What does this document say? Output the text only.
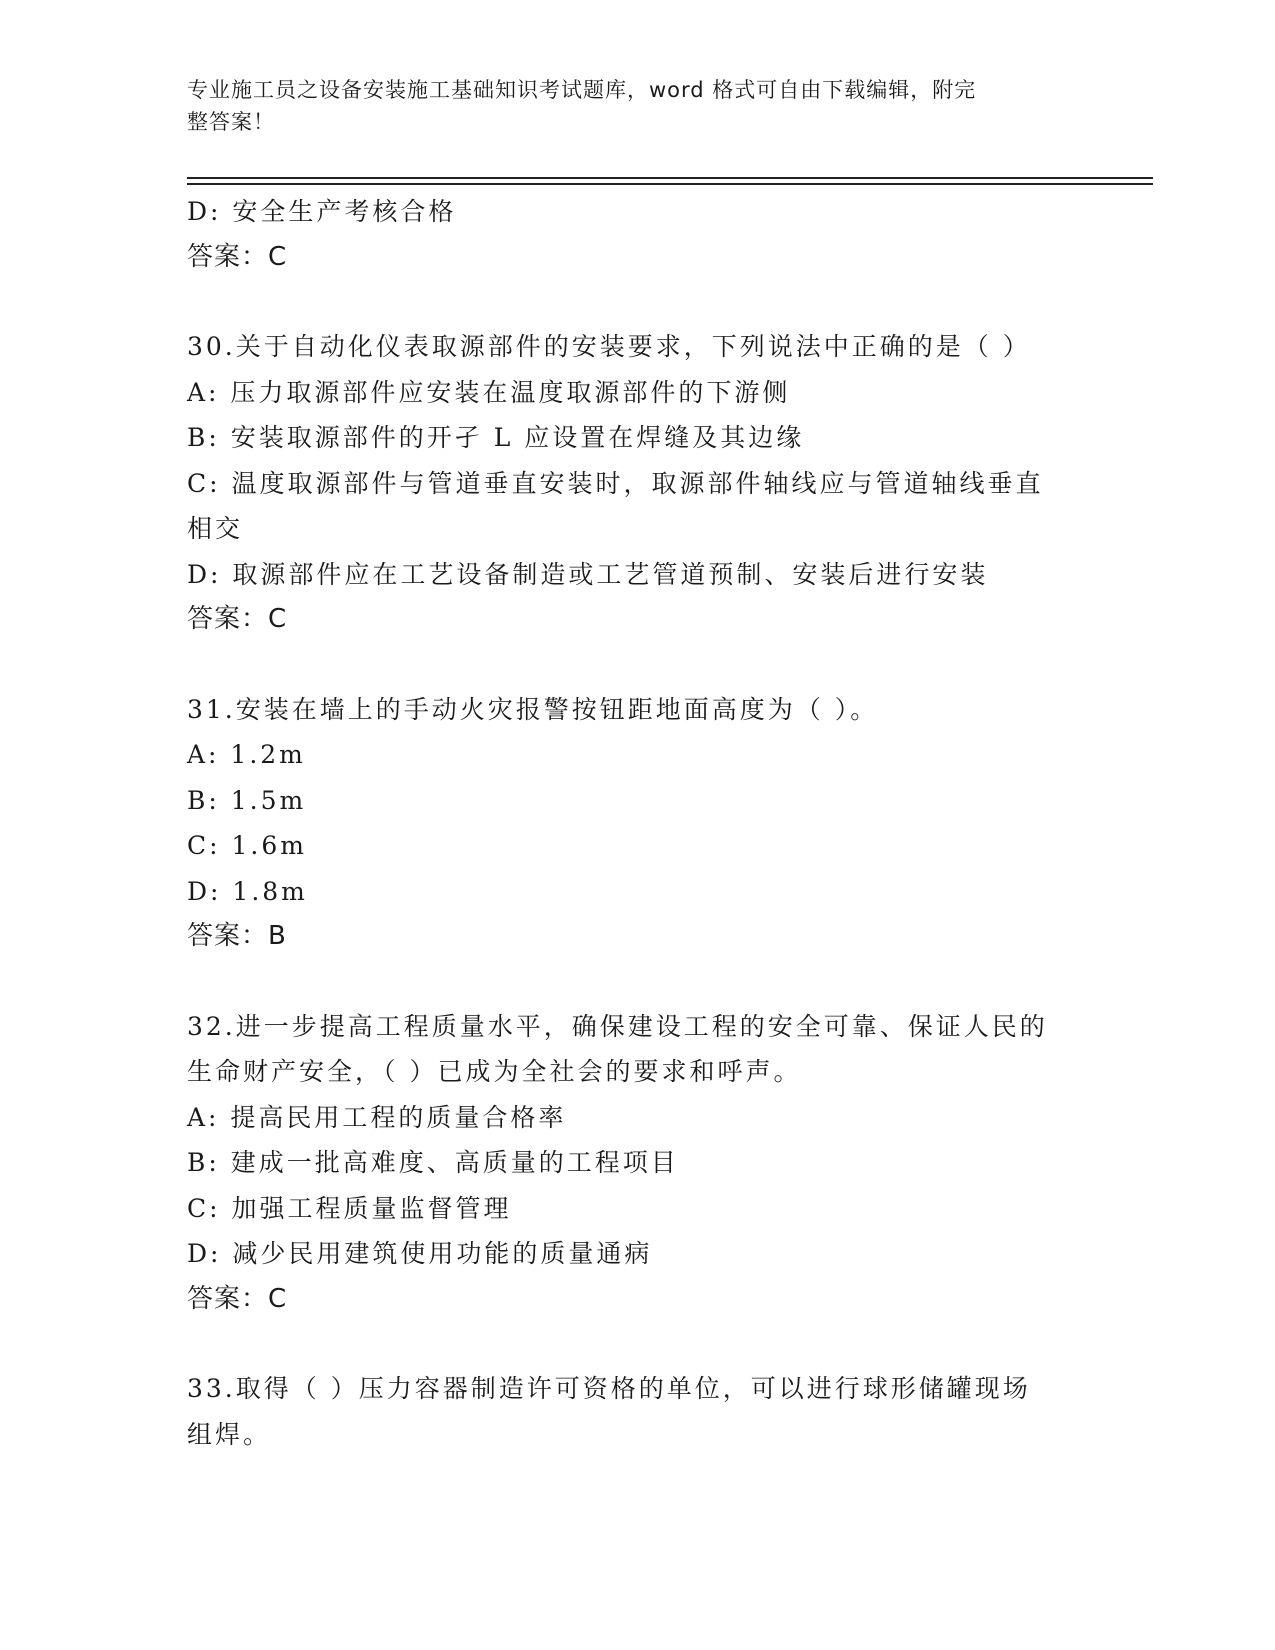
专业施工员之设备安装施工基础知识考试题库，word 格式可自由下载编辑，附完
整答案！
D: 安全生产考核合格
答案：C
30.关于自动化仪表取源部件的安装要求，下列说法中正确的是（ ）
A: 压力取源部件应安装在温度取源部件的下游侧
B: 安装取源部件的开孑 L 应设置在焊缝及其边缘
C: 温度取源部件与管道垂直安装时，取源部件轴线应与管道轴线垂直
相交
D: 取源部件应在工艺设备制造或工艺管道预制、安装后进行安装
答案：C
31.安装在墙上的手动火灾报警按钮距地面高度为（ ）。
A: 1.2m
B: 1.5m
C: 1.6m
D: 1.8m
答案：B
32.进一步提高工程质量水平，确保建设工程的安全可靠、保证人民的
生命财产安全，（ ）已成为全社会的要求和呼声。
A: 提高民用工程的质量合格率
B: 建成一批高难度、高质量的工程项目
C: 加强工程质量监督管理
D: 减少民用建筑使用功能的质量通病
答案：C
33.取得（ ）压力容器制造许可资格的单位，可以进行球形储罐现场
组焊。
